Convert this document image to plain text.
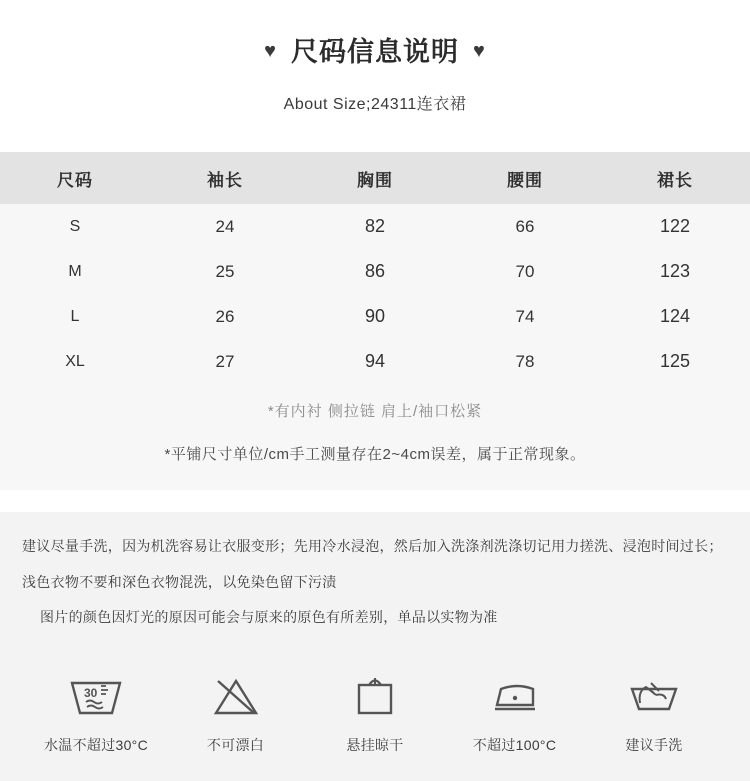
♥ 尺码信息说明 ♥
About Size;24311连衣裙
尺码	袖长	胸围	腰围	裙长
S	24	82	66	122
M	25	86	70	123
L	26	90	74	124
XL	27	94	78	125
*有内衬 侧拉链 肩上/袖口松紧
*平铺尺寸单位/cm手工测量存在2~4cm误差，属于正常现象。

建议尽量手洗，因为机洗容易让衣服变形；先用冷水浸泡，然后加入洗涤剂洗涤切记用力搓洗、浸泡时间过长；

浅色衣物不要和深色衣物混洗，以免染色留下污渍

图片的颜色因灯光的原因可能会与原来的原色有所差别，单品以实物为准

30
水温不超过30°C	不可漂白	悬挂晾干	不超过100°C	建议手洗
